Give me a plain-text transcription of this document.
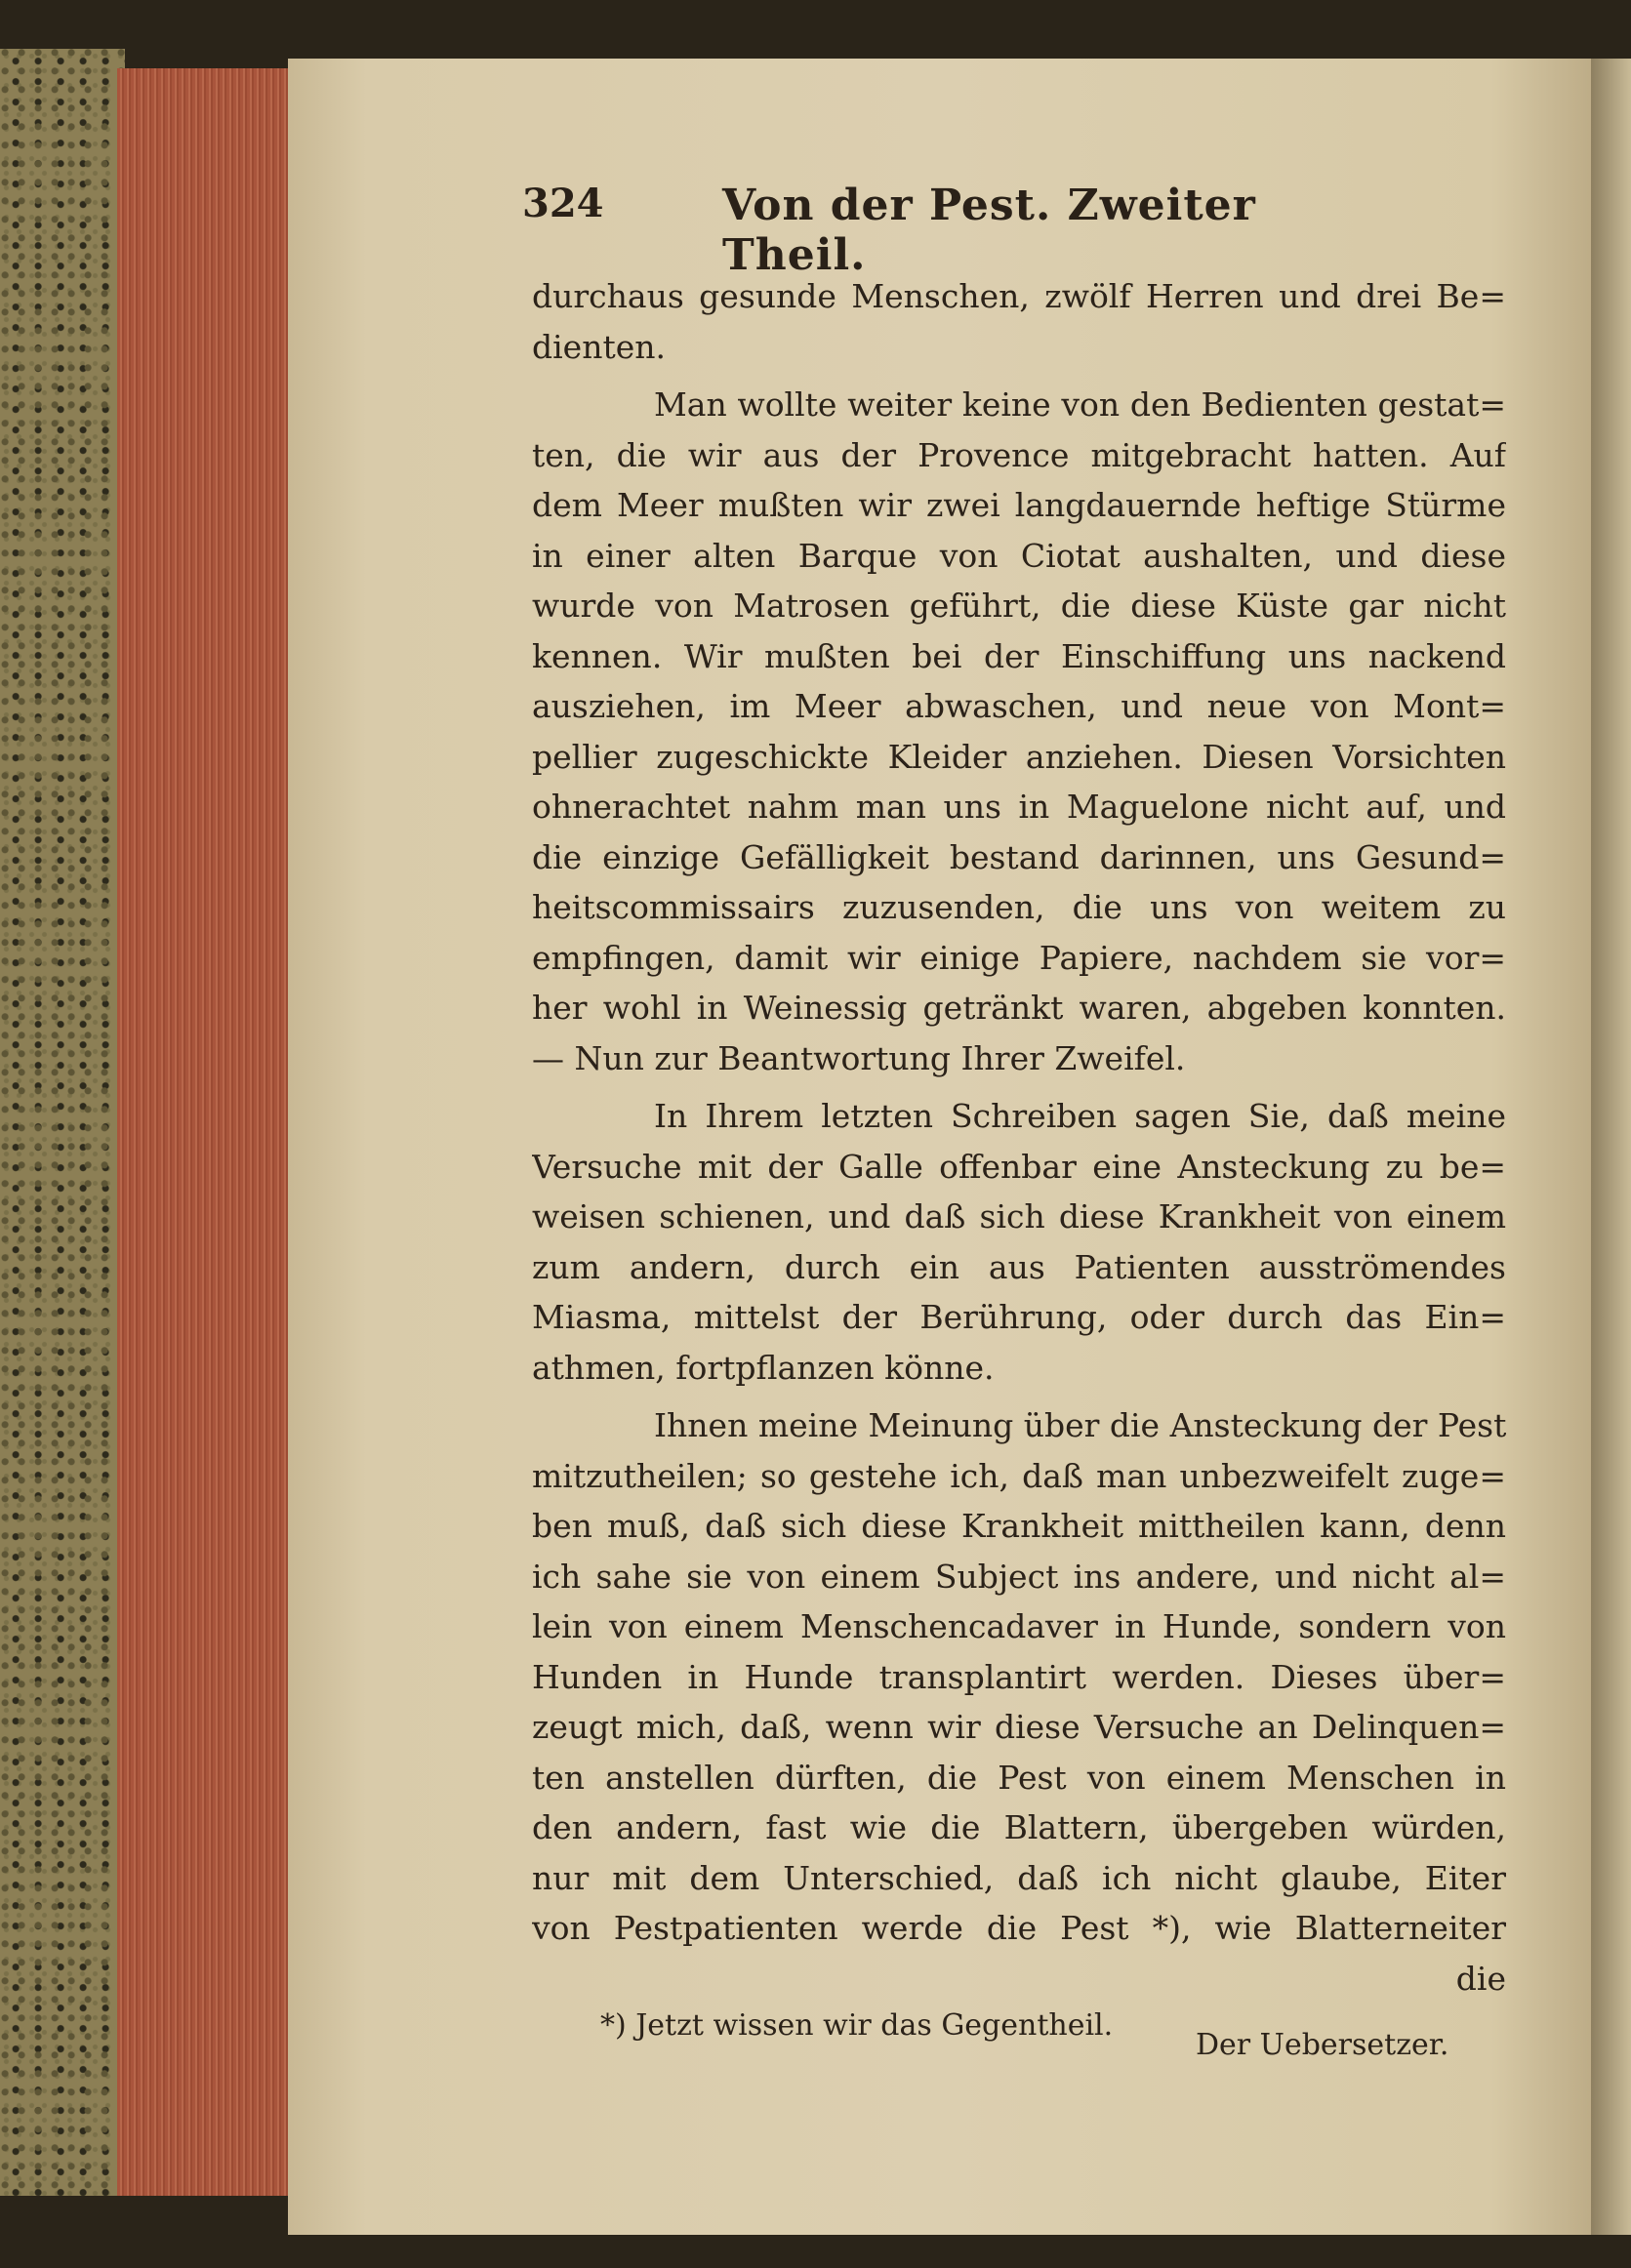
324	Von der Pest. Zweiter Theil.
durchaus gesunde Menschen, zwölf Herren und drei Be=
dienten.
Man wollte weiter keine von den Bedienten gestat=
ten, die wir aus der Provence mitgebracht hatten. Auf
dem Meer mußten wir zwei langdauernde heftige Stürme
in einer alten Barque von Ciotat aushalten, und diese
wurde von Matrosen geführt, die diese Küste gar nicht
kennen. Wir mußten bei der Einschiffung uns nackend
ausziehen, im Meer abwaschen, und neue von Mont=
pellier zugeschickte Kleider anziehen. Diesen Vorsichten
ohnerachtet nahm man uns in Maguelone nicht auf, und
die einzige Gefälligkeit bestand darinnen, uns Gesund=
heitscommissairs zuzusenden, die uns von weitem zu
empfingen, damit wir einige Papiere, nachdem sie vor=
her wohl in Weinessig getränkt waren, abgeben konnten.
— Nun zur Beantwortung Ihrer Zweifel.
In Ihrem letzten Schreiben sagen Sie, daß meine
Versuche mit der Galle offenbar eine Ansteckung zu be=
weisen schienen, und daß sich diese Krankheit von einem
zum andern, durch ein aus Patienten ausströmendes
Miasma, mittelst der Berührung, oder durch das Ein=
athmen, fortpflanzen könne.
Ihnen meine Meinung über die Ansteckung der Pest
mitzutheilen; so gestehe ich, daß man unbezweifelt zuge=
ben muß, daß sich diese Krankheit mittheilen kann, denn
ich sahe sie von einem Subject ins andere, und nicht al=
lein von einem Menschencadaver in Hunde, sondern von
Hunden in Hunde transplantirt werden. Dieses über=
zeugt mich, daß, wenn wir diese Versuche an Delinquen=
ten anstellen dürften, die Pest von einem Menschen in
den andern, fast wie die Blattern, übergeben würden,
nur mit dem Unterschied, daß ich nicht glaube, Eiter
von Pestpatienten werde die Pest *), wie Blatterneiter
die
*) Jetzt wissen wir das Gegentheil.
Der Uebersetzer.
